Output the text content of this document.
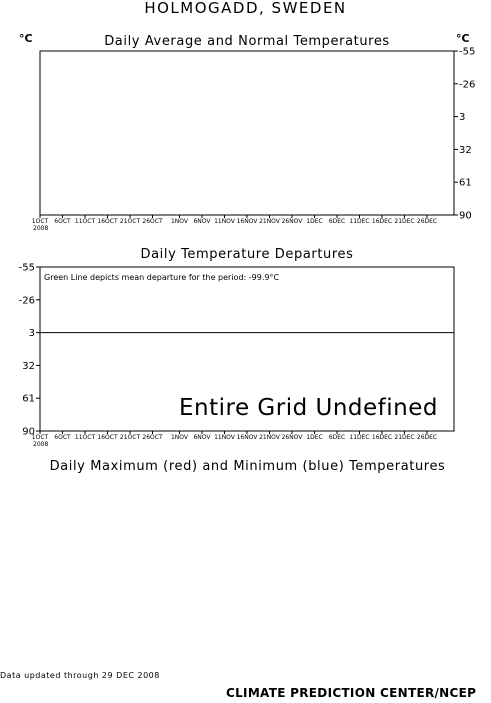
HOLMOGADD, SWEDEN
°C	Daily Average and Normal Temperatures	°C
Daily Temperature Departures
Daily Maximum (red) and Minimum (blue) Temperatures
-55
-26
3
32
61
90
1OCT 6OCT 11OCT 16OCT 21OCT 26OCT 1NOV 6NOV 11NOV 16NOV 21NOV 26NOV 1DEC 6DEC 11DEC 16DEC 21DEC 26DEC
2008
-55
-26
3
32
61
90
1OCT 6OCT 11OCT 16OCT 21OCT 26OCT 1NOV 6NOV 11NOV 16NOV 21NOV 26NOV 1DEC 6DEC 11DEC 16DEC 21DEC 26DEC
2008
Green Line depicts mean departure for the period: -99.9°C
Entire Grid Undefined
Data updated through 29 DEC 2008
CLIMATE PREDICTION CENTER/NCEP
